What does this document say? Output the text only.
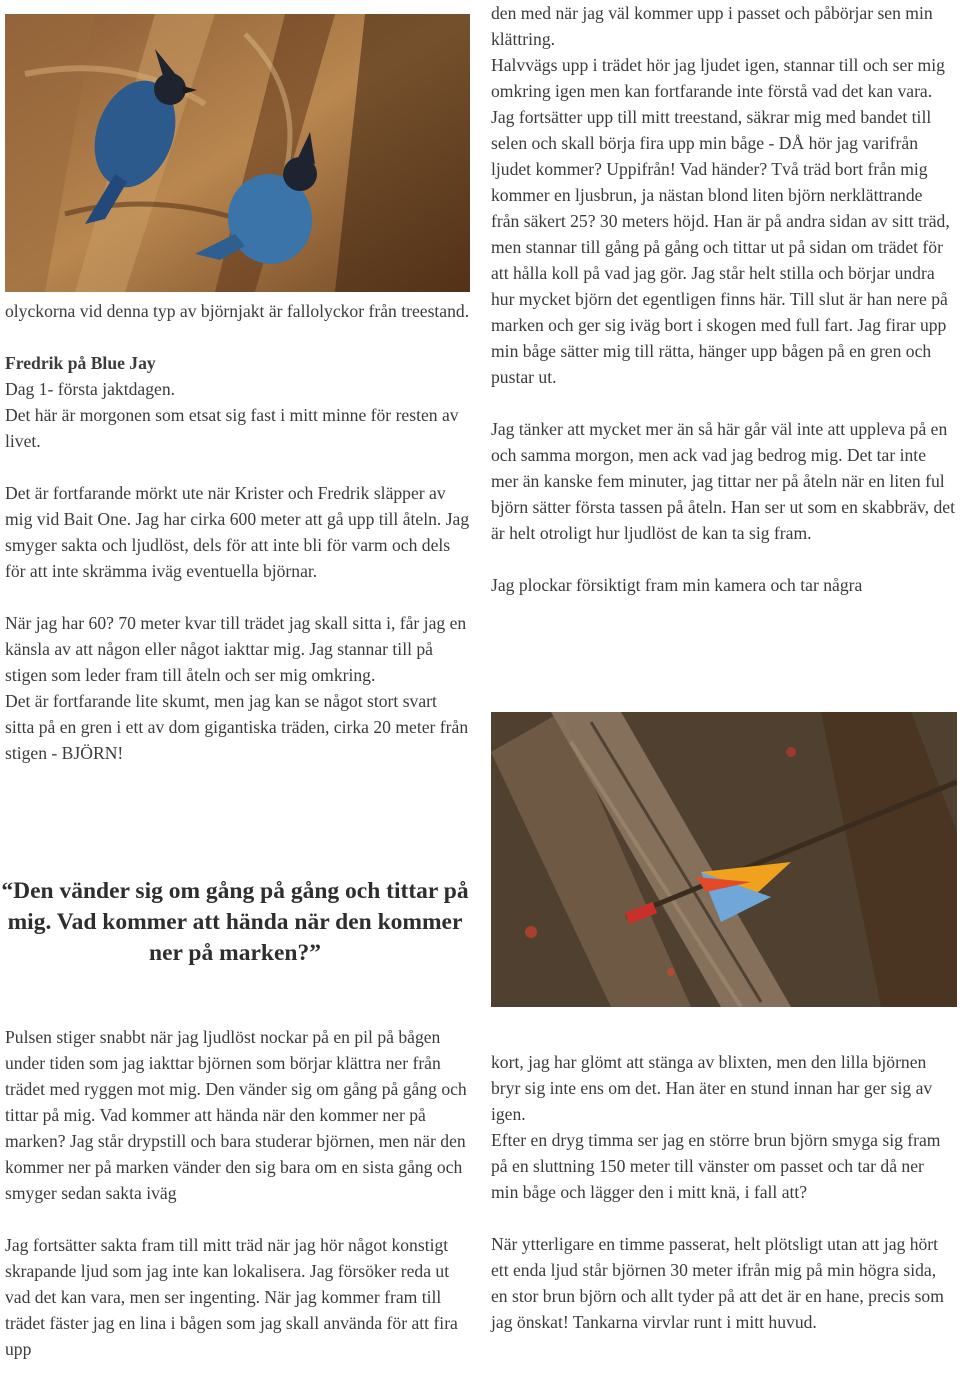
olyckorna vid denna typ av björnjakt är fallolyckor från treestand.

Fredrik på Blue Jay

Dag 1- första jaktdagen.

Det här är morgonen som etsat sig fast i mitt minne för resten av livet.

Det är fortfarande mörkt ute när Krister och Fredrik släpper av mig vid Bait One. Jag har cirka 600 meter att gå upp till åteln. Jag smyger sakta och ljudlöst, dels för att inte bli för varm och dels för att inte skrämma iväg eventuella björnar.

När jag har 60? 70 meter kvar till trädet jag skall sitta i, får jag en känsla av att någon eller något iakttar mig. Jag stannar till på stigen som leder fram till åteln och ser mig omkring.

Det är fortfarande lite skumt, men jag kan se något stort svart sitta på en gren i ett av dom gigantiska träden, cirka 20 meter från stigen - BJÖRN!

“Den vänder sig om gång på gång och tittar på mig. Vad kommer att hända när den kommer ner på marken?”

Pulsen stiger snabbt när jag ljudlöst nockar på en pil på bågen under tiden som jag iakttar björnen som börjar klättra ner från trädet med ryggen mot mig. Den vänder sig om gång på gång och tittar på mig. Vad kommer att hända när den kommer ner på marken? Jag står drypstill och bara studerar björnen, men när den kommer ner på marken vänder den sig bara om en sista gång och smyger sedan sakta iväg

Jag fortsätter sakta fram till mitt träd när jag hör något konstigt skrapande ljud som jag inte kan lokalisera. Jag försöker reda ut vad det kan vara, men ser ingenting. När jag kommer fram till trädet fäster jag en lina i bågen som jag skall använda för att fira upp

den med när jag väl kommer upp i passet och påbörjar sen min klättring.

Halvvägs upp i trädet hör jag ljudet igen, stannar till och ser mig omkring igen men kan fortfarande inte förstå vad det kan vara.

Jag fortsätter upp till mitt treestand, säkrar mig med bandet till selen och skall börja fira upp min båge - DÅ hör jag varifrån ljudet kommer? Uppifrån! Vad händer? Två träd bort från mig kommer en ljusbrun, ja nästan blond liten björn nerklättrande från säkert 25? 30 meters höjd. Han är på andra sidan av sitt träd, men stannar till gång på gång och tittar ut på sidan om trädet för att hålla koll på vad jag gör. Jag står helt stilla och börjar undra hur mycket björn det egentligen finns här. Till slut är han nere på marken och ger sig iväg bort i skogen med full fart. Jag firar upp min båge sätter mig till rätta, hänger upp bågen på en gren och pustar ut.

Jag tänker att mycket mer än så här går väl inte att uppleva på en och samma morgon, men ack vad jag bedrog mig. Det tar inte mer än kanske fem minuter, jag tittar ner på åteln när en liten ful björn sätter första tassen på åteln. Han ser ut som en skabbräv, det är helt otroligt hur ljudlöst de kan ta sig fram.

Jag plockar försiktigt fram min kamera och tar några

kort, jag har glömt att stänga av blixten, men den lilla björnen bryr sig inte ens om det. Han äter en stund innan har ger sig av igen.

Efter en dryg timma ser jag en större brun björn smyga sig fram på en sluttning 150 meter till vänster om passet och tar då ner min båge och lägger den i mitt knä, i fall att?

När ytterligare en timme passerat, helt plötsligt utan att jag hört ett enda ljud står björnen 30 meter ifrån mig på min högra sida, en stor brun björn och allt tyder på att det är en hane, precis som jag önskat! Tankarna virvlar runt i mitt huvud.
